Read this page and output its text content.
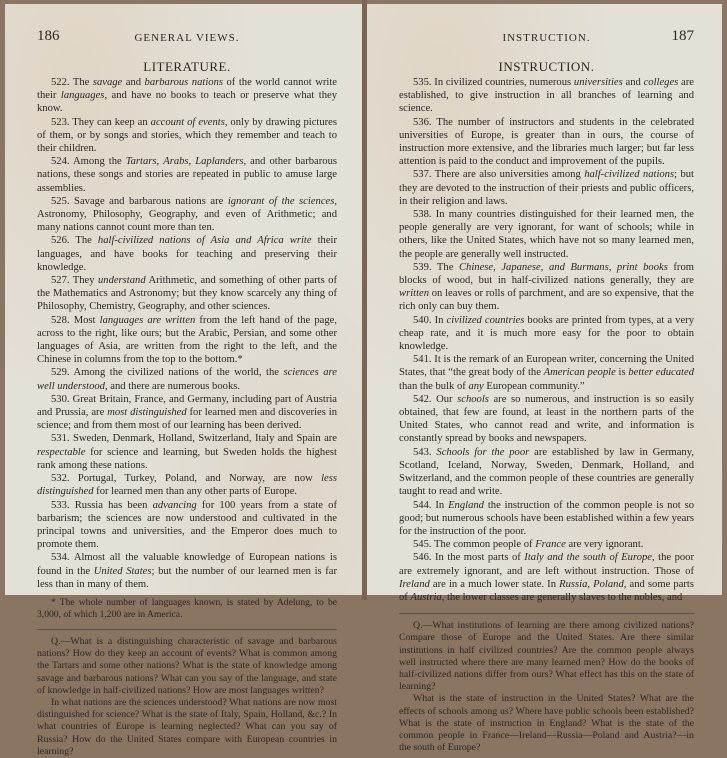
186	GENERAL VIEWS.
LITERATURE.

522. The savage and barbarous nations of the world cannot write their languages, and have no books to teach or preserve what they know.

523. They can keep an account of events, only by drawing pictures of them, or by songs and stories, which they remember and teach to their children.

524. Among the Tartars, Arabs, Laplanders, and other barbarous nations, these songs and stories are repeated in public to amuse large assemblies.

525. Savage and barbarous nations are ignorant of the sciences, Astronomy, Philosophy, Geography, and even of Arithmetic; and many nations cannot count more than ten.

526. The half-civilized nations of Asia and Africa write their languages, and have books for teaching and preserving their knowledge.

527. They understand Arithmetic, and something of other parts of the Mathematics and Astronomy; but they know scarcely any thing of Philosophy, Chemistry, Geography, and other sciences.

528. Most languages are written from the left hand of the page, across to the right, like ours; but the Arabic, Persian, and some other languages of Asia, are written from the right to the left, and the Chinese in columns from the top to the bottom.*

529. Among the civilized nations of the world, the sciences are well understood, and there are numerous books.

530. Great Britain, France, and Germany, including part of Austria and Prussia, are most distinguished for learned men and discoveries in science; and from them most of our learning has been derived.

531. Sweden, Denmark, Holland, Switzerland, Italy and Spain are respectable for science and learning, but Sweden holds the highest rank among these nations.

532. Portugal, Turkey, Poland, and Norway, are now less distinguished for learned men than any other parts of Europe.

533. Russia has been advancing for 100 years from a state of barbarism; the sciences are now understood and cultivated in the principal towns and universities, and the Emperor does much to promote them.

534. Almost all the valuable knowledge of European nations is found in the United States; but the number of our learned men is far less than in many of them.

* The whole number of languages known, is stated by Adelung, to be 3,000, of which 1,200 are in America.

Q.—What is a distinguishing characteristic of savage and barbarous nations? How do they keep an account of events? What is common among the Tartars and some other nations? What is the state of knowledge among savage and barbarous nations? What can you say of the language, and state of knowledge in half-civilized nations? How are most languages written?

In what nations are the sciences understood? What nations are now most distinguished for science? What is the state of Italy, Spain, Holland, &c.? In what countries of Europe is learning neglected? What can you say of Russia? How do the United States compare with European countries in learning?

INSTRUCTION.	187
INSTRUCTION.

535. In civilized countries, numerous universities and colleges are established, to give instruction in all branches of learning and science.

536. The number of instructors and students in the celebrated universities of Europe, is greater than in ours, the course of instruction more extensive, and the libraries much larger; but far less attention is paid to the conduct and improvement of the pupils.

537. There are also universities among half-civilized nations; but they are devoted to the instruction of their priests and public officers, in their religion and laws.

538. In many countries distinguished for their learned men, the people generally are very ignorant, for want of schools; while in others, like the United States, which have not so many learned men, the people are generally well instructed.

539. The Chinese, Japanese, and Burmans, print books from blocks of wood, but in half-civilized nations generally, they are written on leaves or rolls of parchment, and are so expensive, that the rich only can buy them.

540. In civilized countries books are printed from types, at a very cheap rate, and it is much more easy for the poor to obtain knowledge.

541. It is the remark of an European writer, concerning the United States, that “the great body of the American people is better educated than the bulk of any European community.”

542. Our schools are so numerous, and instruction is so easily obtained, that few are found, at least in the northern parts of the United States, who cannot read and write, and information is constantly spread by books and newspapers.

543. Schools for the poor are established by law in Germany, Scotland, Iceland, Norway, Sweden, Denmark, Holland, and Switzerland, and the common people of these countries are generally taught to read and write.

544. In England the instruction of the common people is not so good; but numerous schools have been established within a few years for the instruction of the poor.

545. The common people of France are very ignorant.

546. In the most parts of Italy and the south of Europe, the poor are extremely ignorant, and are left without instruction. Those of Ireland are in a much lower state. In Russia, Poland, and some parts of Austria, the lower classes are generally slaves to the nobles, and

Q.—What institutions of learning are there among civilized nations? Compare those of Europe and the United States. Are there similar institutions in half civilized countries? Are the common people always well instructed where there are many learned men? How do the books of half-civilized nations differ from ours? What effect has this on the state of learning?

What is the state of instruction in the United States? What are the effects of schools among us? Where have public schools been established? What is the state of instruction in England? What is the state of the common people in France—Ireland—Russia—Poland and Austria?—in the south of Europe?
